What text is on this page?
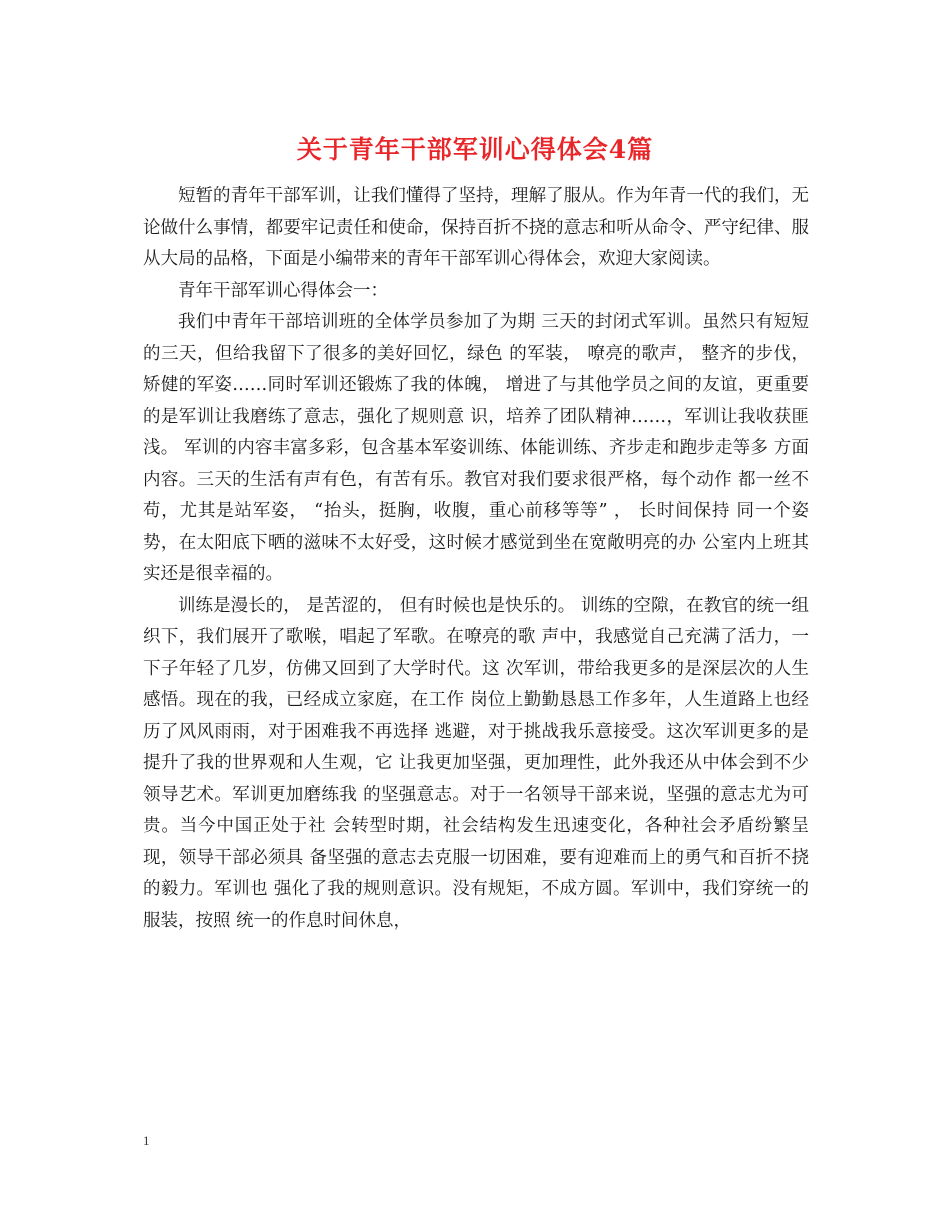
关于青年干部军训心得体会4篇

短暂的青年干部军训，让我们懂得了坚持，理解了服从。作为年青一代的我们，无论做什么事情，都要牢记责任和使命，保持百折不挠的意志和听从命令、严守纪律、服从大局的品格，下面是小编带来的青年干部军训心得体会，欢迎大家阅读。

青年干部军训心得体会一：

我们中青年干部培训班的全体学员参加了为期 三天的封闭式军训。虽然只有短短的三天，但给我留下了很多的美好回忆，绿色 的军装， 嘹亮的歌声， 整齐的步伐， 矫健的军姿……同时军训还锻炼了我的体魄， 增进了与其他学员之间的友谊，更重要的是军训让我磨练了意志，强化了规则意 识，培养了团队精神……，军训让我收获匪浅。 军训的内容丰富多彩，包含基本军姿训练、体能训练、齐步走和跑步走等多 方面内容。三天的生活有声有色，有苦有乐。教官对我们要求很严格，每个动作 都一丝不苟，尤其是站军姿， “抬头，挺胸，收腹，重心前移等等” ， 长时间保持 同一个姿势，在太阳底下晒的滋味不太好受，这时候才感觉到坐在宽敞明亮的办 公室内上班其实还是很幸福的。

训练是漫长的， 是苦涩的， 但有时候也是快乐的。 训练的空隙，在教官的统一组织下，我们展开了歌喉，唱起了军歌。在嘹亮的歌 声中，我感觉自己充满了活力，一下子年轻了几岁，仿佛又回到了大学时代。这 次军训，带给我更多的是深层次的人生感悟。现在的我，已经成立家庭，在工作 岗位上勤勤恳恳工作多年，人生道路上也经历了风风雨雨，对于困难我不再选择 逃避，对于挑战我乐意接受。这次军训更多的是提升了我的世界观和人生观，它 让我更加坚强，更加理性，此外我还从中体会到不少领导艺术。军训更加磨练我 的坚强意志。对于一名领导干部来说，坚强的意志尤为可贵。当今中国正处于社 会转型时期，社会结构发生迅速变化，各种社会矛盾纷繁呈现，领导干部必须具 备坚强的意志去克服一切困难，要有迎难而上的勇气和百折不挠的毅力。军训也 强化了我的规则意识。没有规矩，不成方圆。军训中，我们穿统一的服装，按照 统一的作息时间休息，

1
